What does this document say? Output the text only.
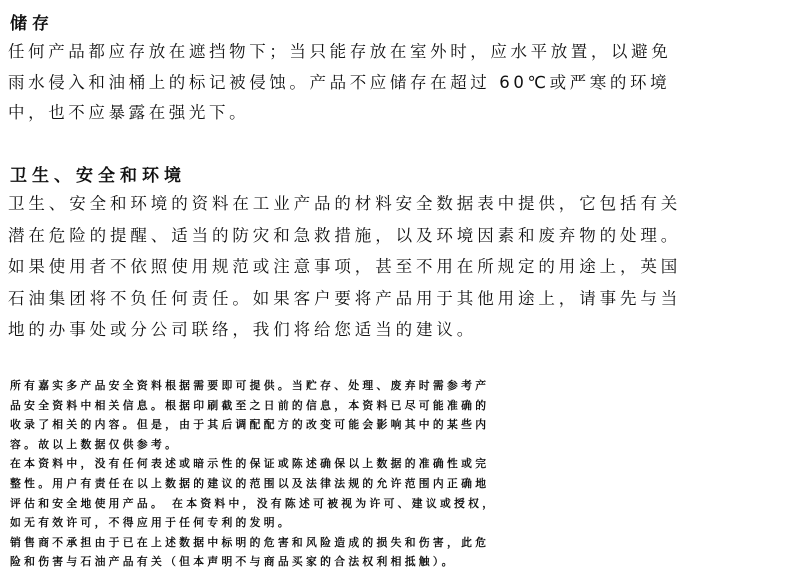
储存

任何产品都应存放在遮挡物下；当只能存放在室外时，应水平放置，以避免
雨水侵入和油桶上的标记被侵蚀。产品不应储存在超过 60℃或严寒的环境
中，也不应暴露在强光下。

卫生、安全和环境

卫生、安全和环境的资料在工业产品的材料安全数据表中提供，它包括有关
潜在危险的提醒、适当的防灾和急救措施，以及环境因素和废弃物的处理。
如果使用者不依照使用规范或注意事项，甚至不用在所规定的用途上，英国
石油集团将不负任何责任。如果客户要将产品用于其他用途上，请事先与当
地的办事处或分公司联络，我们将给您适当的建议。

所有嘉实多产品安全资料根据需要即可提供。当贮存、处理、废弃时需参考产
品安全资料中相关信息。根据印刷截至之日前的信息，本资料已尽可能准确的
收录了相关的内容。但是，由于其后调配配方的改变可能会影响其中的某些内
容。故以上数据仅供参考。
在本资料中，没有任何表述或暗示性的保证或陈述确保以上数据的准确性或完
整性。用户有责任在以上数据的建议的范围以及法律法规的允许范围内正确地
评估和安全地使用产品。 在本资料中，没有陈述可被视为许可、建议或授权，
如无有效许可，不得应用于任何专利的发明。
销售商不承担由于已在上述数据中标明的危害和风险造成的损失和伤害，此危
险和伤害与石油产品有关（但本声明不与商品买家的合法权利相抵触）。
